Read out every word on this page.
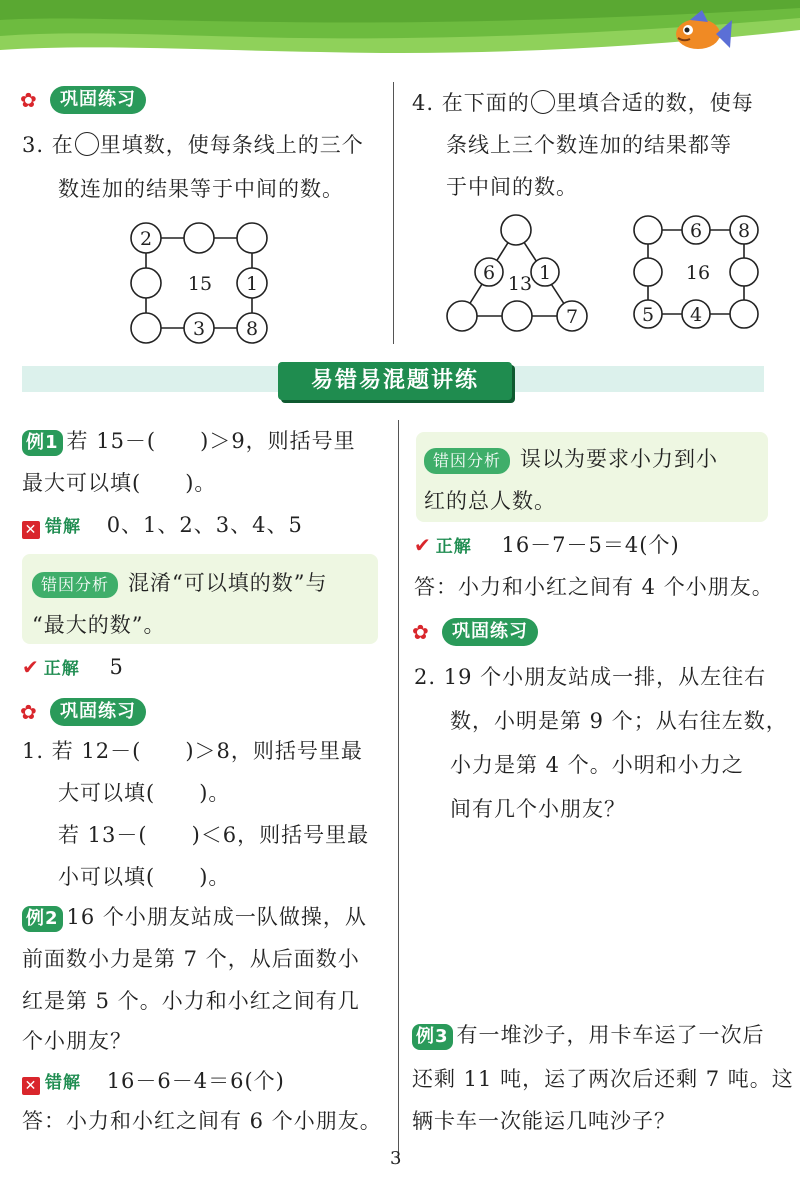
✿ 巩固练习
3. 在 里填数，使每条线上的三个
数连加的结果等于中间的数。
2
15 1
3 8
4. 在下面的 里填合适的数，使每
条线上三个数连加的结果都等
于中间的数。
6 1
13
7
6 8
16
5 4
易错易混题讲练
例1 若 15－(　　)＞9，则括号里
最大可以填(　　)。
✕ 错解 0、1、2、3、4、5
错因分析 混淆“可以填的数”与
“最大的数”。
✔ 正解 5
✿ 巩固练习
1. 若 12－(　　)＞8，则括号里最
大可以填(　　)。
若 13－(　　)＜6，则括号里最
小可以填(　　)。
例2 16 个小朋友站成一队做操，从
前面数小力是第 7 个，从后面数小
红是第 5 个。小力和小红之间有几
个小朋友？
✕ 错解 16－6－4＝6(个)
答：小力和小红之间有 6 个小朋友。
错因分析 误以为要求小力到小
红的总人数。
✔ 正解 16－7－5＝4(个)
答：小力和小红之间有 4 个小朋友。
✿ 巩固练习
2. 19 个小朋友站成一排，从左往右
数，小明是第 9 个；从右往左数，
小力是第 4 个。小明和小力之
间有几个小朋友？
例3 有一堆沙子，用卡车运了一次后
还剩 11 吨，运了两次后还剩 7 吨。这
辆卡车一次能运几吨沙子？
3
